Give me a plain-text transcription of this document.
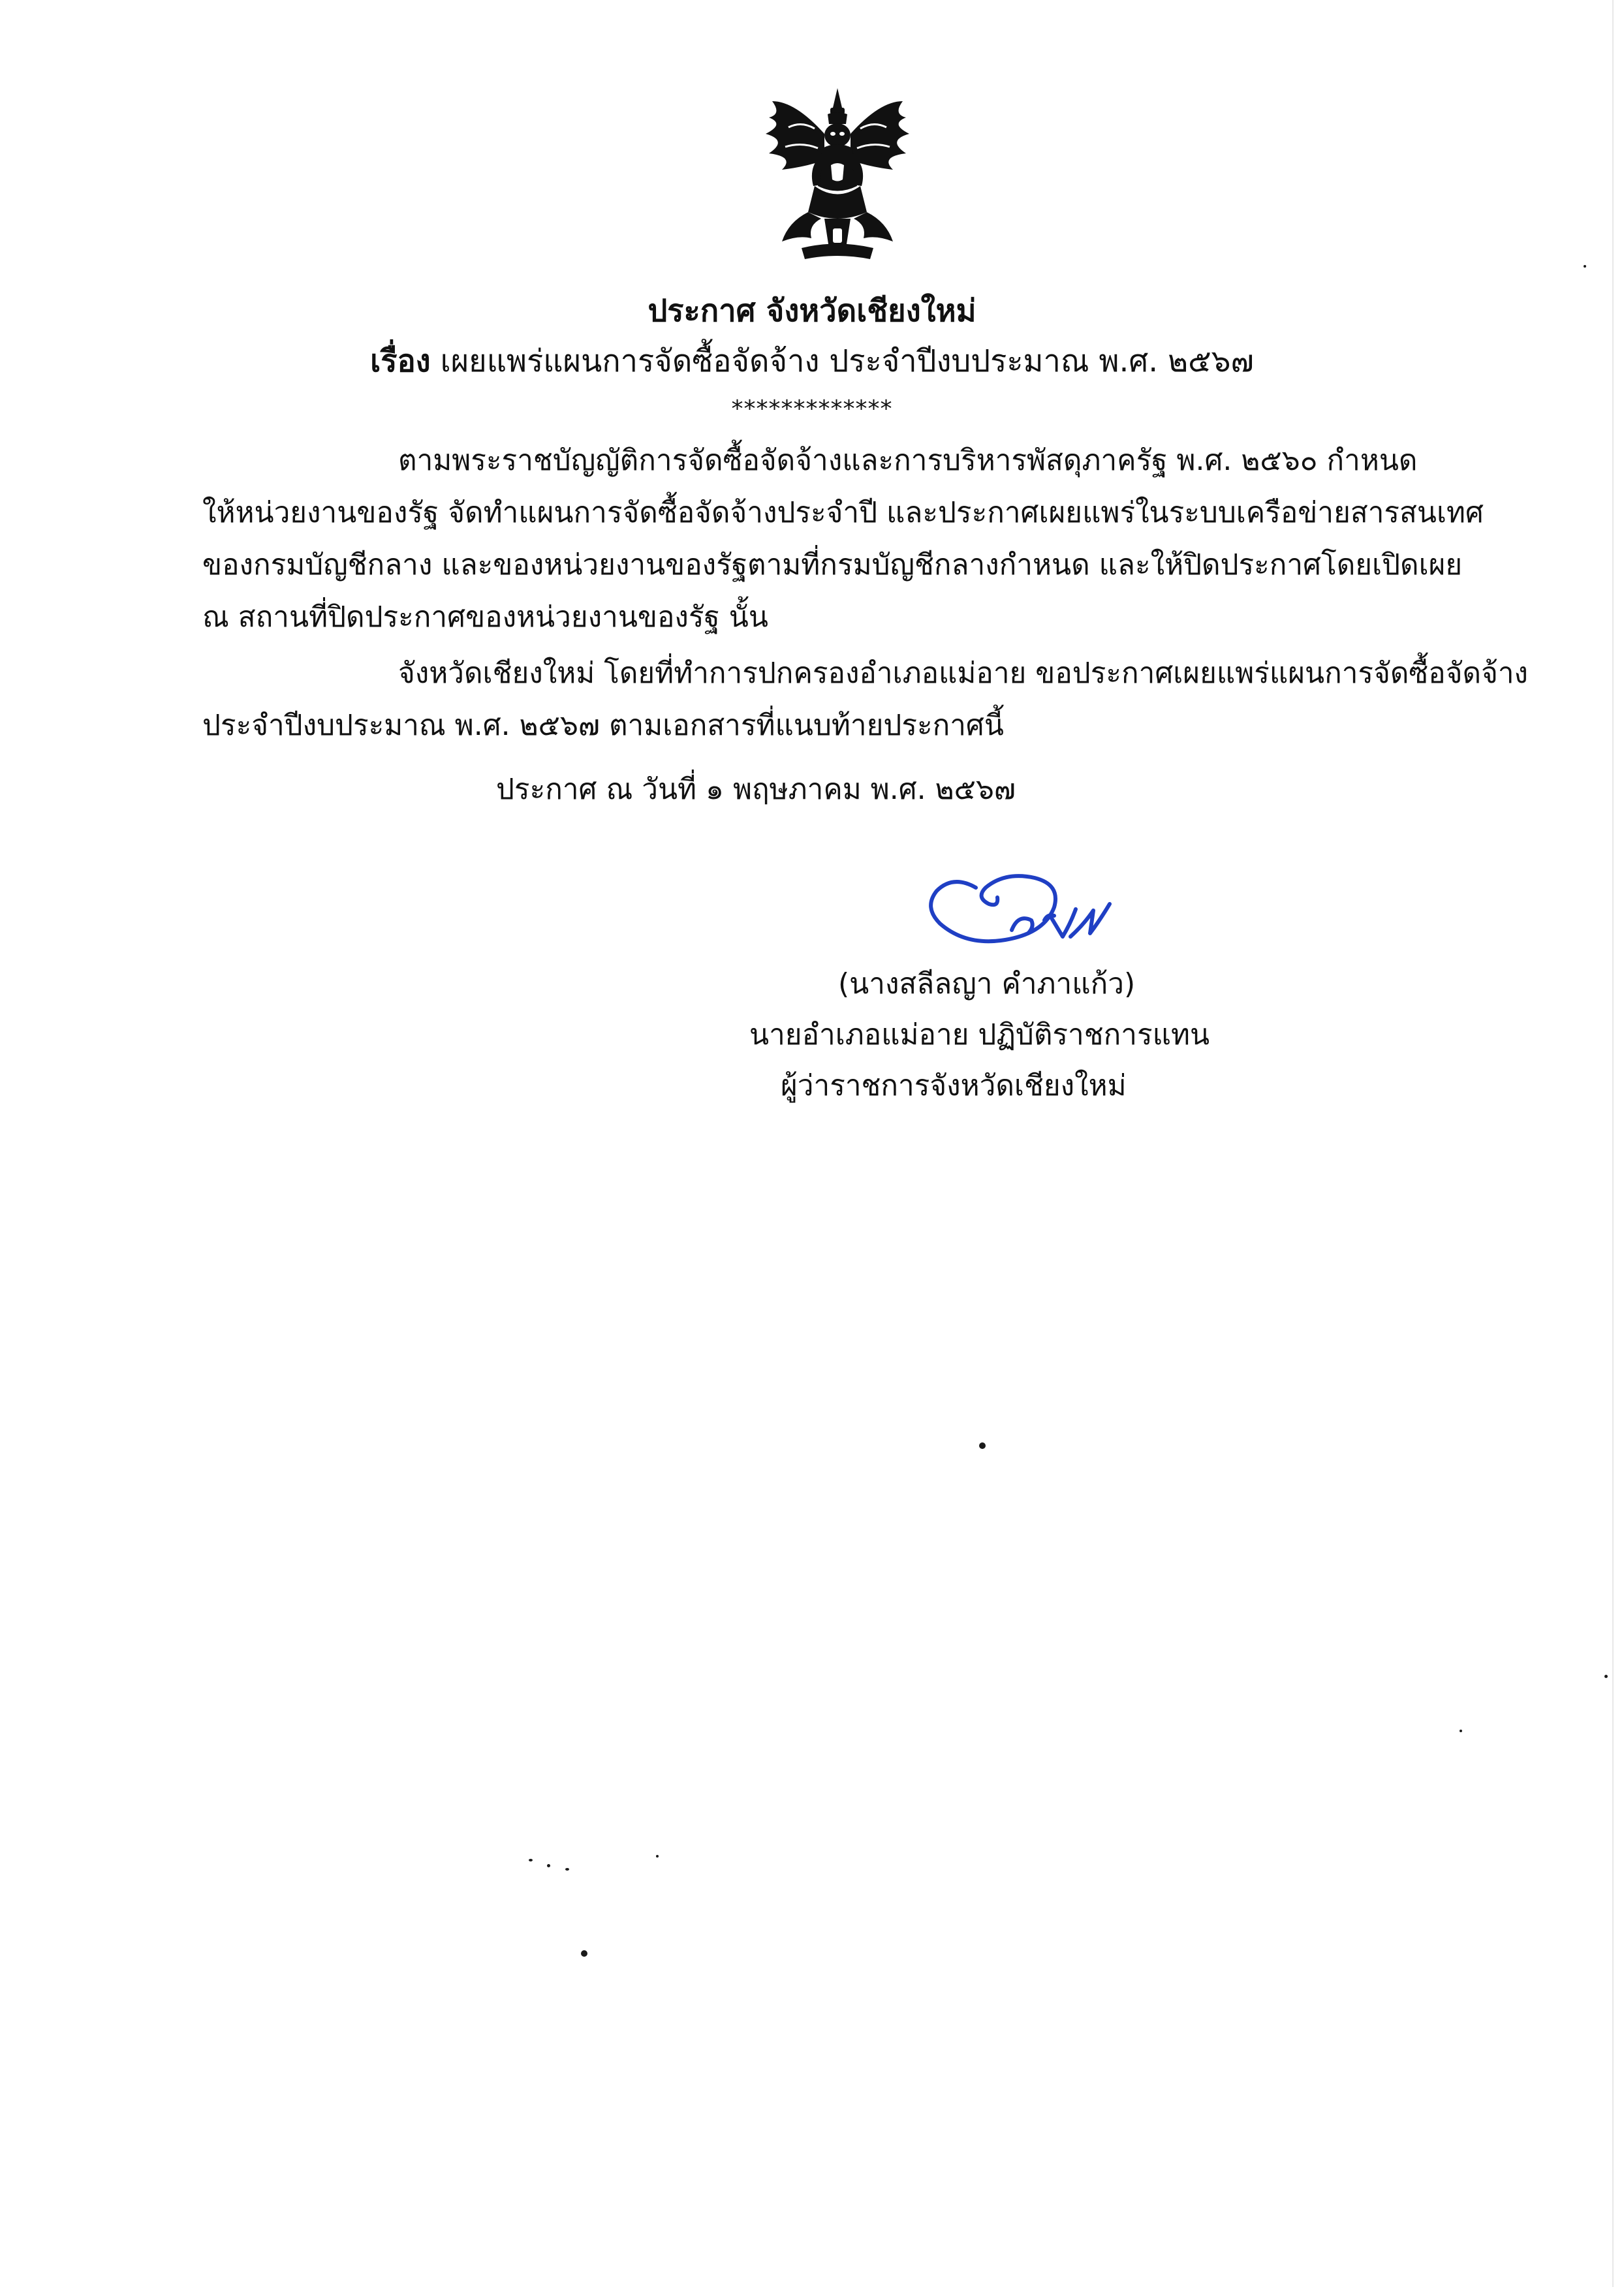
ประกาศ จังหวัดเชียงใหม่
เรื่อง เผยแพร่แผนการจัดซื้อจัดจ้าง ประจำปีงบประมาณ พ.ศ. ๒๕๖๗
*************
ตามพระราชบัญญัติการจัดซื้อจัดจ้างและการบริหารพัสดุภาครัฐ พ.ศ. ๒๕๖๐ กำหนด
ให้หน่วยงานของรัฐ จัดทำแผนการจัดซื้อจัดจ้างประจำปี และประกาศเผยแพร่ในระบบเครือข่ายสารสนเทศ
ของกรมบัญชีกลาง และของหน่วยงานของรัฐตามที่กรมบัญชีกลางกำหนด และให้ปิดประกาศโดยเปิดเผย
ณ สถานที่ปิดประกาศของหน่วยงานของรัฐ นั้น
จังหวัดเชียงใหม่ โดยที่ทำการปกครองอำเภอแม่อาย ขอประกาศเผยแพร่แผนการจัดซื้อจัดจ้าง
ประจำปีงบประมาณ พ.ศ. ๒๕๖๗ ตามเอกสารที่แนบท้ายประกาศนี้
ประกาศ ณ วันที่ ๑ พฤษภาคม พ.ศ. ๒๕๖๗
(นางสลีลญา คำภาแก้ว)
นายอำเภอแม่อาย ปฏิบัติราชการแทน
ผู้ว่าราชการจังหวัดเชียงใหม่
